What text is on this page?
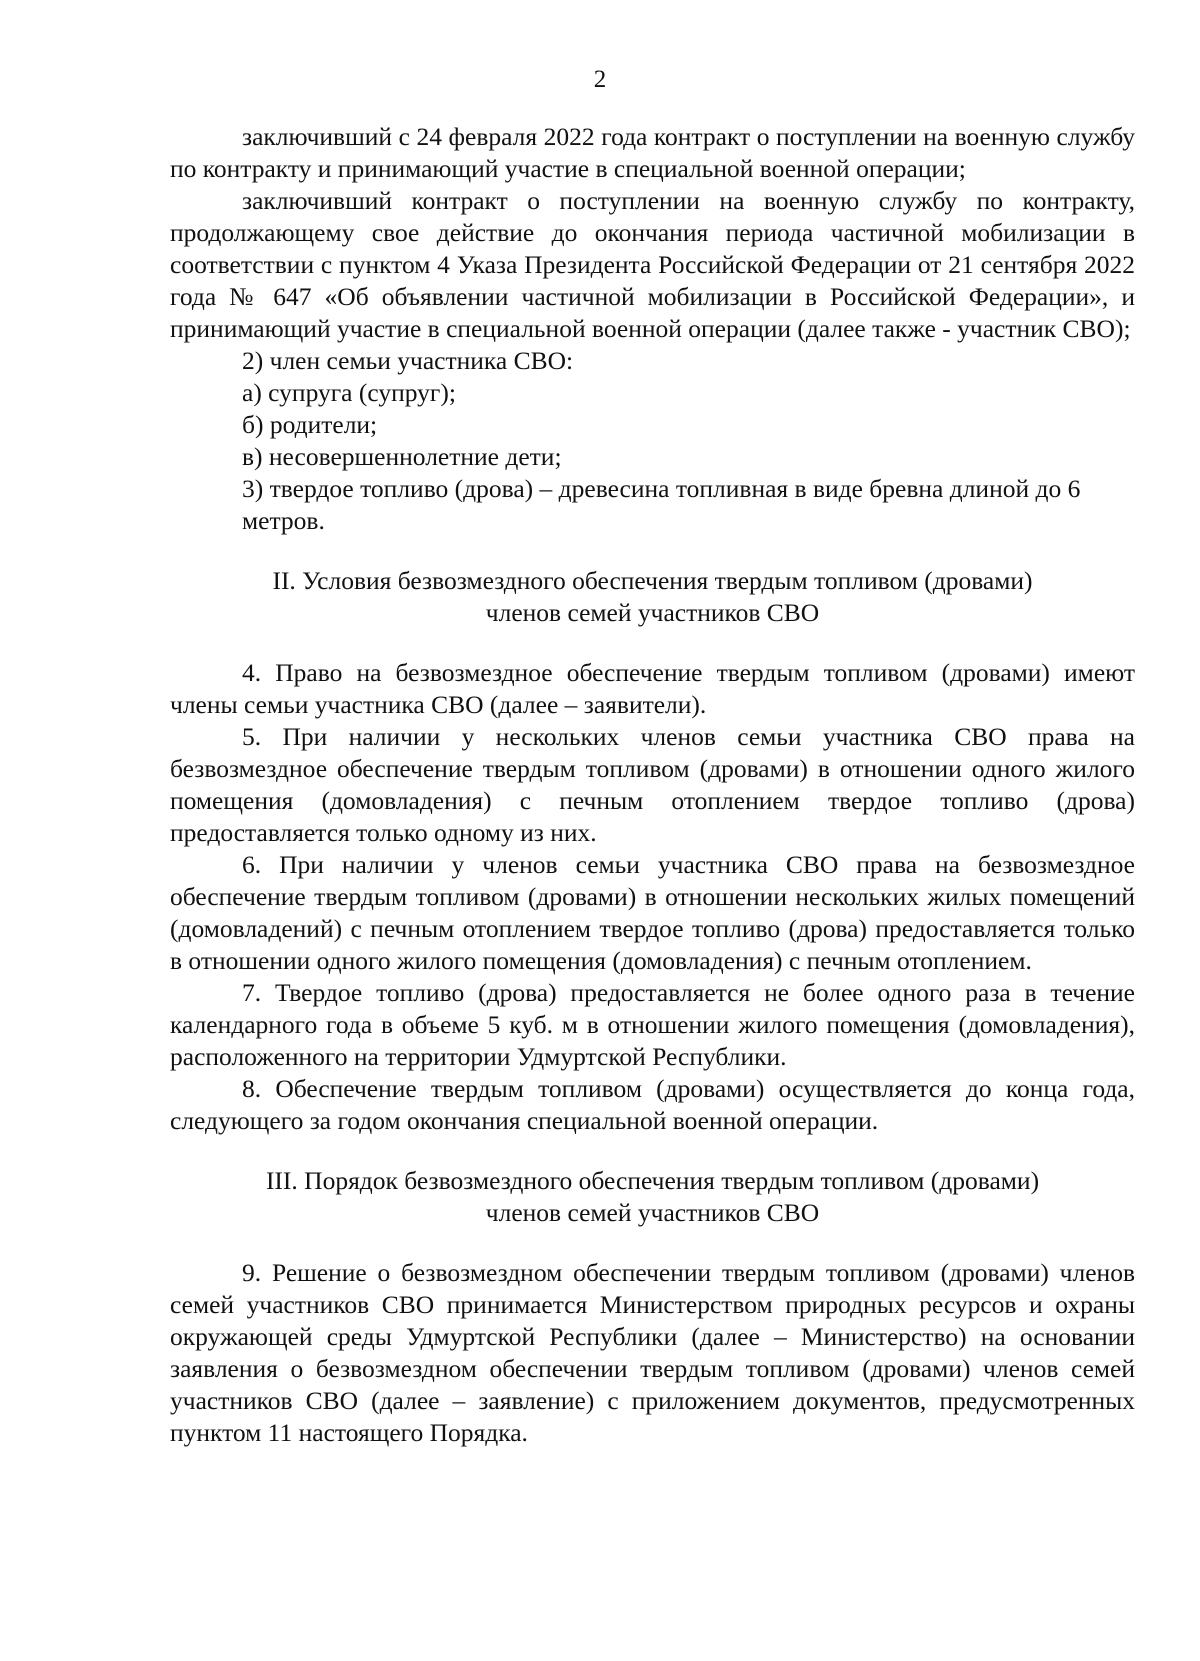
2

заключивший с 24 февраля 2022 года контракт о поступлении на военную службу по контракту и принимающий участие в специальной военной операции;

заключивший контракт о поступлении на военную службу по контракту, продолжающему свое действие до окончания периода частичной мобилизации в соответствии с пунктом 4 Указа Президента Российской Федерации от 21 сентября 2022 года № 647 «Об объявлении частичной мобилизации в Российской Федерации», и принимающий участие в специальной военной операции (далее также - участник СВО);

2) член семьи участника СВО:

а) супруга (супруг);

б) родители;

в) несовершеннолетние дети;

3) твердое топливо (дрова) – древесина топливная в виде бревна длиной до 6 метров.

II. Условия безвозмездного обеспечения твердым топливом (дровами)

членов семей участников СВО

4. Право на безвозмездное обеспечение твердым топливом (дровами) имеют члены семьи участника СВО (далее – заявители).

5. При наличии у нескольких членов семьи участника СВО права на безвозмездное обеспечение твердым топливом (дровами) в отношении одного жилого помещения (домовладения) с печным отоплением твердое топливо (дрова) предоставляется только одному из них.

6. При наличии у членов семьи участника СВО права на безвозмездное обеспечение твердым топливом (дровами) в отношении нескольких жилых помещений (домовладений) с печным отоплением твердое топливо (дрова) предоставляется только в отношении одного жилого помещения (домовладения) с печным отоплением.

7. Твердое топливо (дрова) предоставляется не более одного раза в течение календарного года в объеме 5 куб. м в отношении жилого помещения (домовладения), расположенного на территории Удмуртской Республики.

8. Обеспечение твердым топливом (дровами) осуществляется до конца года, следующего за годом окончания специальной военной операции.

III. Порядок безвозмездного обеспечения твердым топливом (дровами)

членов семей участников СВО

9. Решение о безвозмездном обеспечении твердым топливом (дровами) членов семей участников СВО принимается Министерством природных ресурсов и охраны окружающей среды Удмуртской Республики (далее – Министерство) на основании заявления о безвозмездном обеспечении твердым топливом (дровами) членов семей участников СВО (далее – заявление) с приложением документов, предусмотренных пунктом 11 настоящего Порядка.
